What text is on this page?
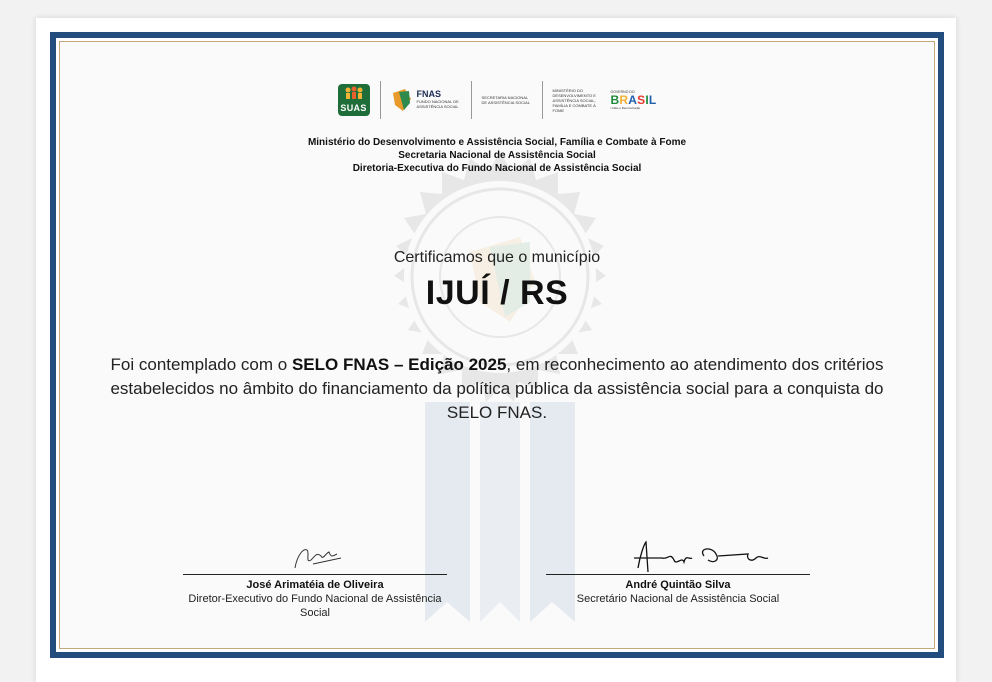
SUAS
FNAS
FUNDO NACIONAL DE ASSISTÊNCIA SOCIAL
SECRETARIA NACIONAL DE ASSISTÊNCIA SOCIAL
MINISTÉRIO DO DESENVOLVIMENTO E ASSISTÊNCIA SOCIAL, FAMÍLIA E COMBATE À FOME
GOVERNO DO
BRASIL
União e Reconstrução
Ministério do Desenvolvimento e Assistência Social, Família e Combate à Fome
Secretaria Nacional de Assistência Social
Diretoria-Executiva do Fundo Nacional de Assistência Social
Certificamos que o município
IJUÍ / RS
Foi contemplado com o SELO FNAS – Edição 2025, em reconhecimento ao atendimento dos critérios estabelecidos no âmbito do financiamento da política pública da assistência social para a conquista do SELO FNAS.
José Arimatéia de Oliveira
Diretor-Executivo do Fundo Nacional de Assistência Social
André Quintão Silva
Secretário Nacional de Assistência Social
